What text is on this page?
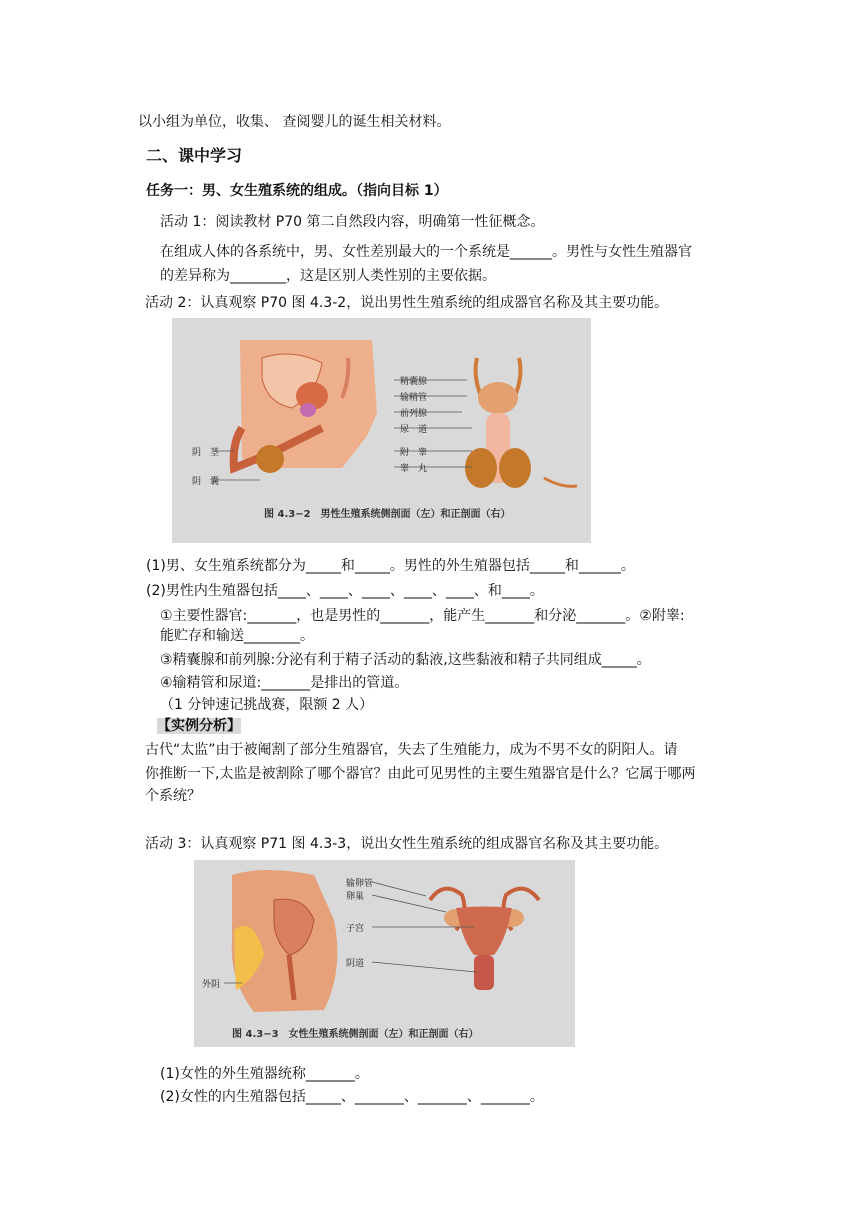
以小组为单位，收集、 查阅婴儿的诞生相关材料。
二、课中学习
任务一：男、女生殖系统的组成。（指向目标 1）
活动 1：阅读教材 P70 第二自然段内容，明确第一性征概念。
在组成人体的各系统中，男、女性差别最大的一个系统是______。男性与女性生殖器官
的差异称为________，这是区别人类性别的主要依据。
活动 2：认真观察 P70 图 4.3-2，说出男性生殖系统的组成器官名称及其主要功能。
精囊腺
输精管
前列腺
尿　道
附　睾
睾　丸
阴　茎
阴　囊
图 4.3−2　男性生殖系统侧剖面（左）和正剖面（右）
(1)男、女生殖系统都分为_____和_____。男性的外生殖器包括_____和______。
(2)男性内生殖器包括____、____、____、____、____、和____。
①主要性器官:_______，也是男性的_______，能产生_______和分泌_______。②附睾:
能贮存和输送________。
③精囊腺和前列腺:分泌有利于精子活动的黏液,这些黏液和精子共同组成_____。
④输精管和尿道:_______是排出的管道。
（1 分钟速记挑战赛，限额 2 人）
【实例分析】
古代“太监”由于被阉割了部分生殖器官，失去了生殖能力，成为不男不女的阴阳人。请
你推断一下,太监是被割除了哪个器官？由此可见男性的主要生殖器官是什么？它属于哪两
个系统？
活动 3：认真观察 P71 图 4.3-3，说出女性生殖系统的组成器官名称及其主要功能。
输卵管
卵巢
子宫
阴道
外阴
图 4.3−3　女性生殖系统侧剖面（左）和正剖面（右）
(1)女性的外生殖器统称_______。
(2)女性的内生殖器包括_____、_______、_______、_______。
